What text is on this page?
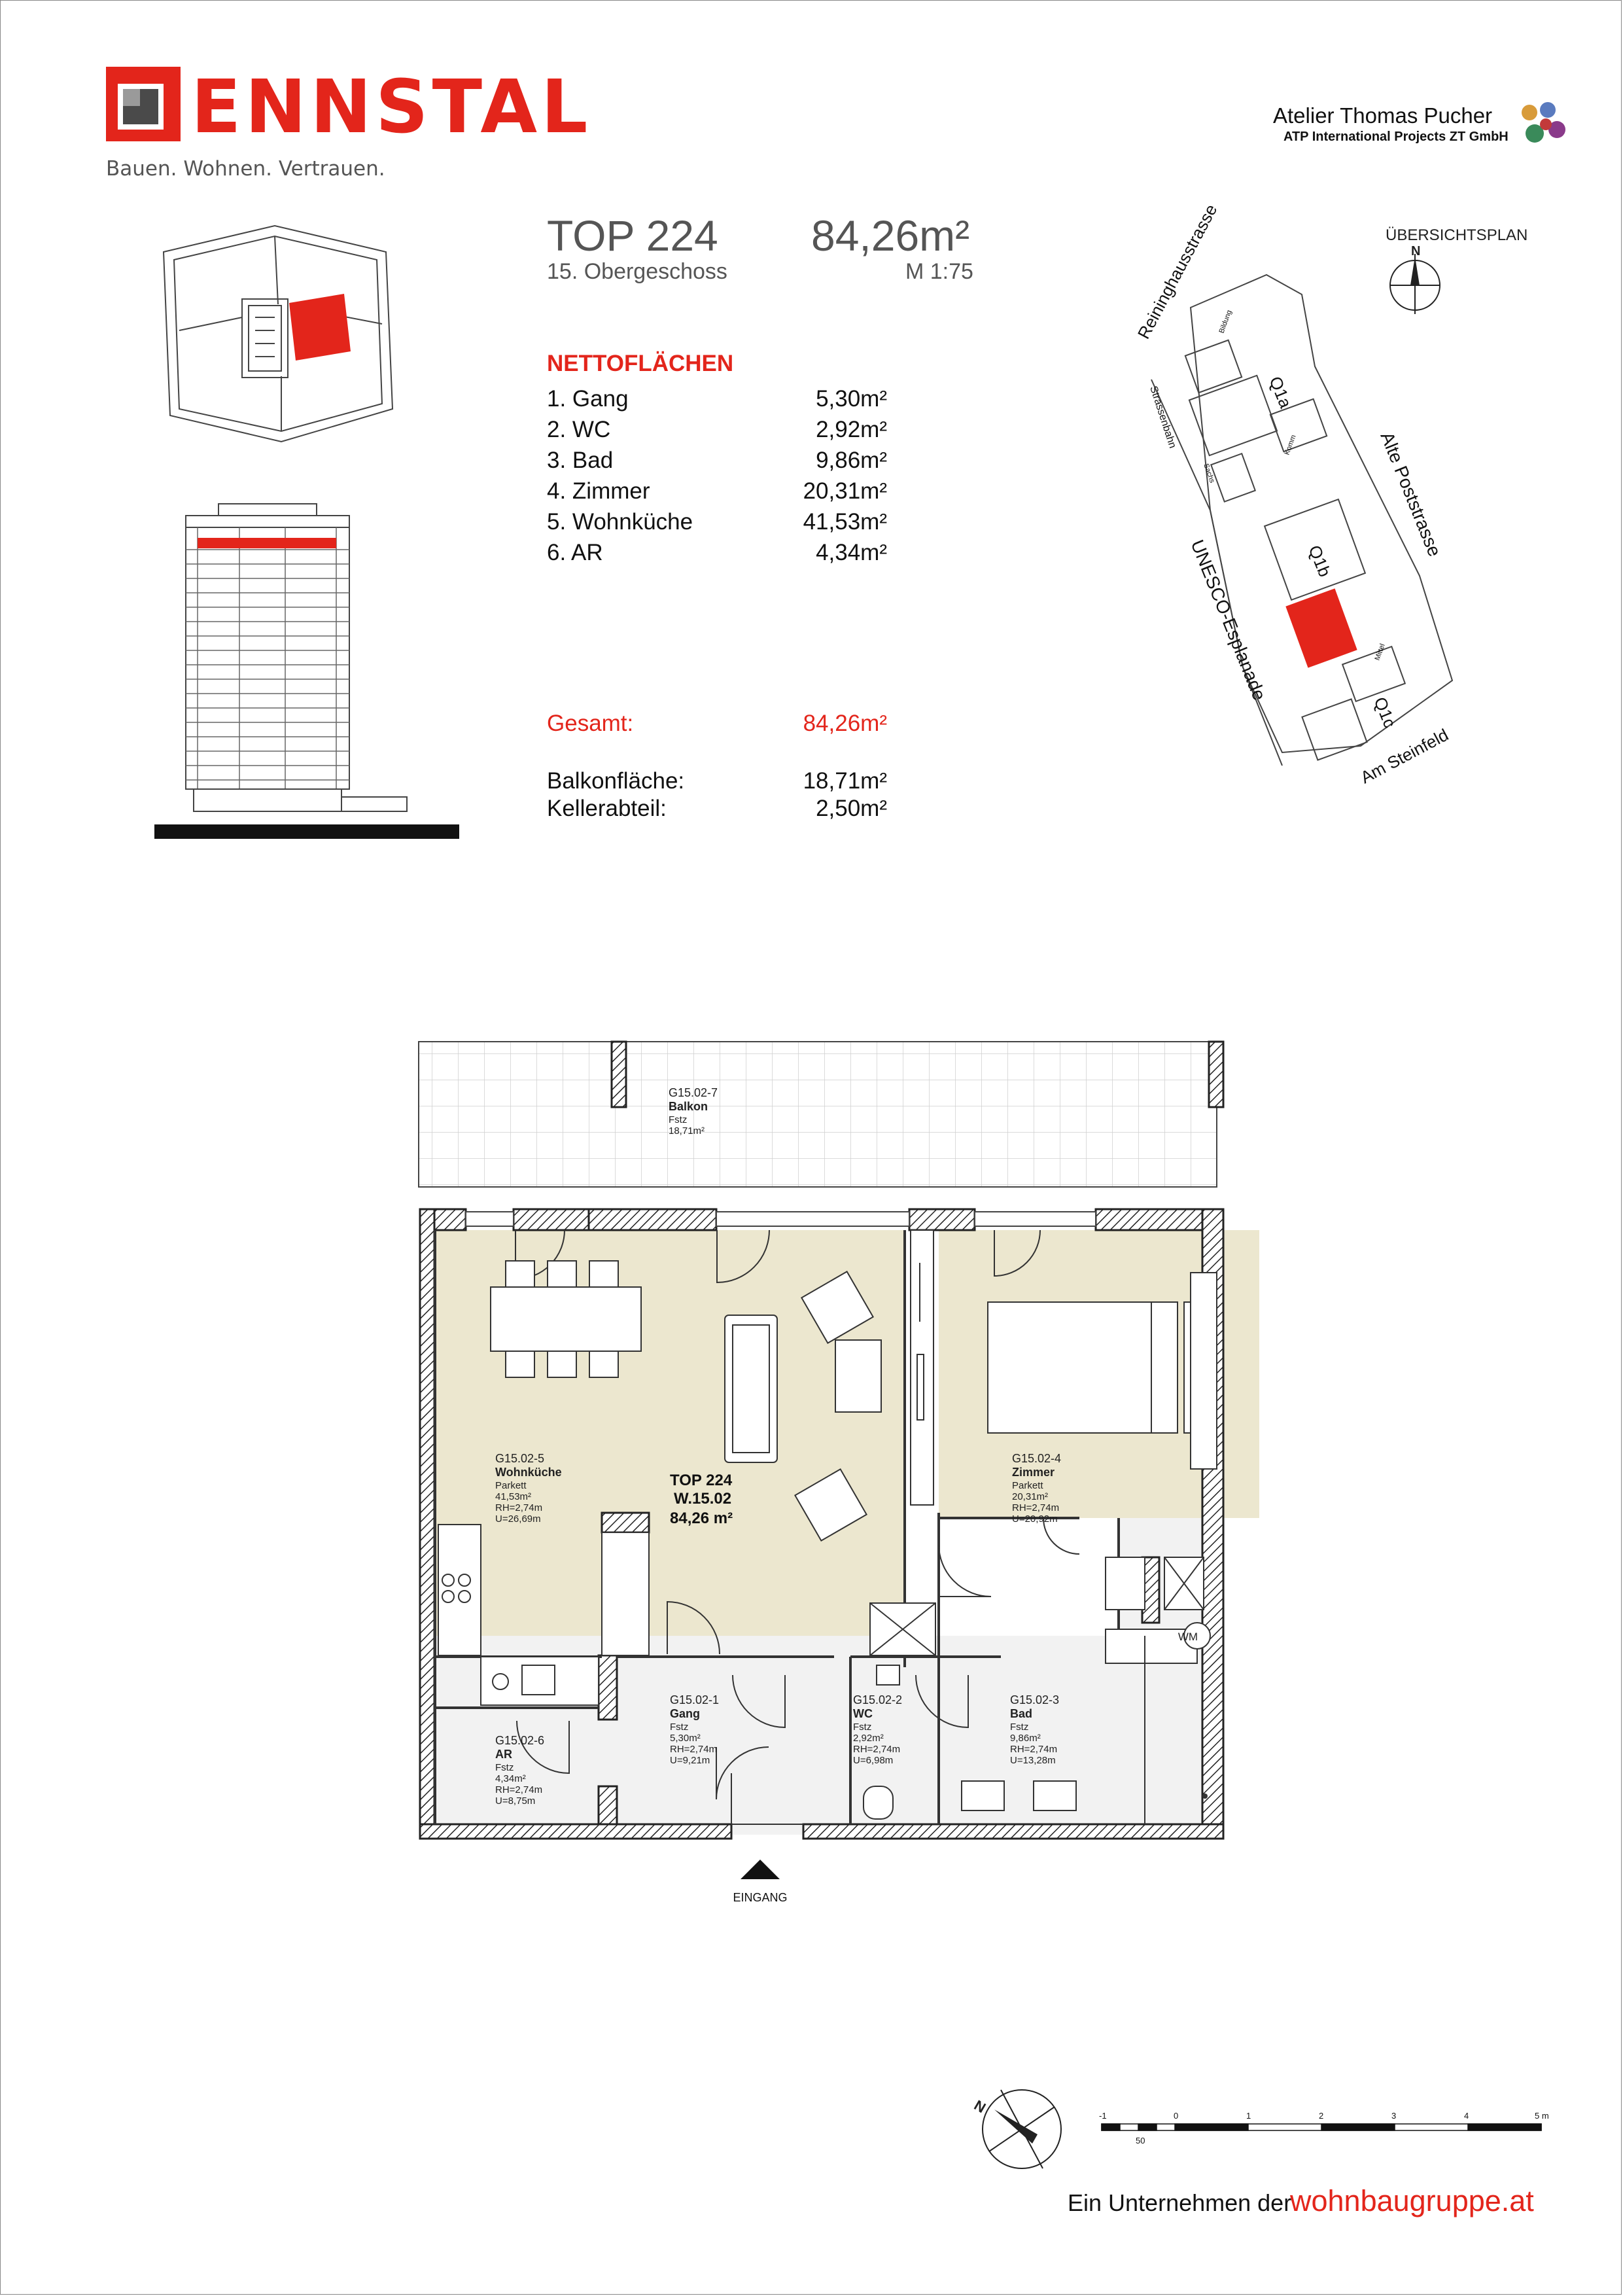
ENNSTAL
Bauen. Wohnen. Vertrauen.
Atelier Thomas Pucher
ATP International Projects ZT GmbH
TOP 224 84,26m²
15. Obergeschoss	M 1:75
NETTOFLÄCHEN
1. Gang	5,30m²
2. WC	2,92m²
3. Bad	9,86m²
4. Zimmer	20,31m²
5. Wohnküche	41,53m²
6. AR	4,34m²
Gesamt:	84,26m²
Balkonfläche:	18,71m²
Kellerabteil:	2,50m²
ÜBERSICHTSPLAN
N
Reininghausstrasse
Strassenbahn
Alte Poststrasse
UNESCO-Esplanade
Am Steinfeld
Q1a
Q1b
Q1c
Bildung
Sachs
Komm
Mittel
G15.02-7
Balkon
Fstz
18,71m²
G15.02-5
Wohnküche
Parkett
41,53m²
RH=2,74m
U=26,69m
G15.02-4
Zimmer
Parkett
20,31m²
RH=2,74m
U=20,92m
G15.02-6
AR
Fstz
4,34m²
RH=2,74m
U=8,75m
G15.02-1
Gang
Fstz
5,30m²
RH=2,74m
U=9,21m
G15.02-2
WC
Fstz
2,92m²
RH=2,74m
U=6,98m
G15.02-3
Bad
Fstz
9,86m²
RH=2,74m
U=13,28m
TOP 224
W.15.02
84,26 m²
WM
EINGANG
N	-1	0	1	2	3	4	5 m
50
Ein Unternehmen der
wohnbaugruppe.at
